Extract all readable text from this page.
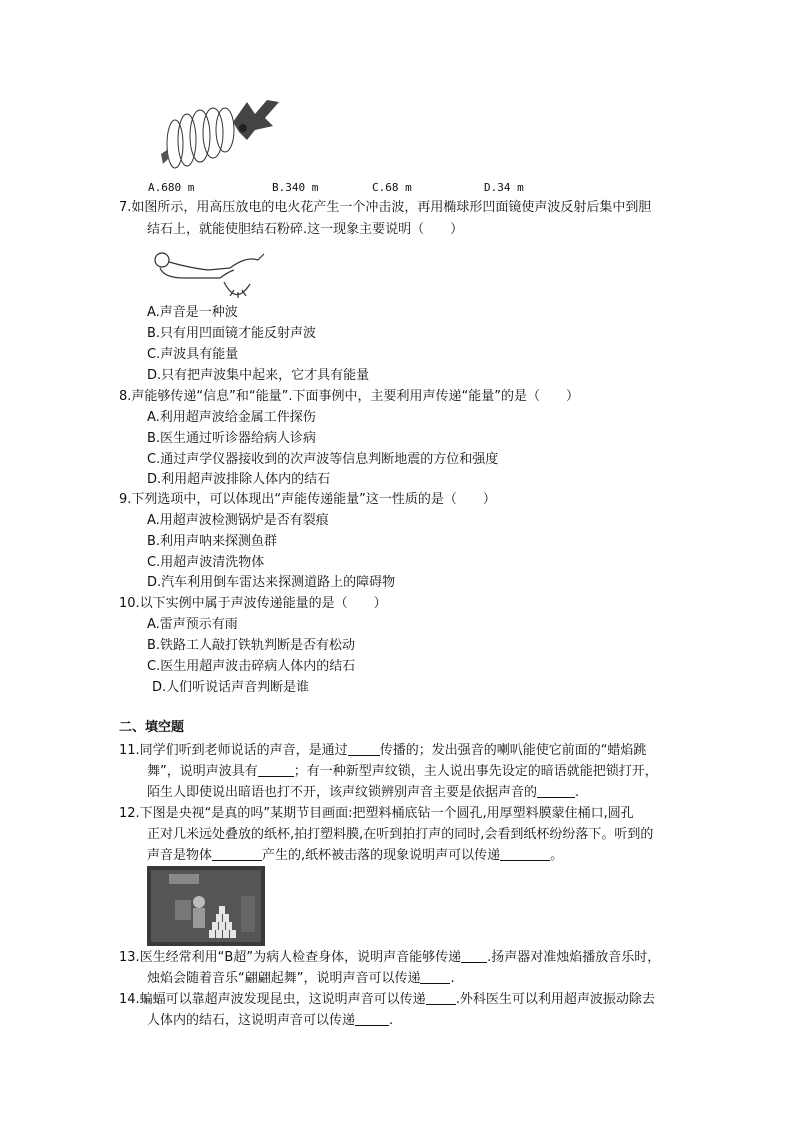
A.680 m	B.340 m	C.68 m	D.34 m
7.如图所示，用高压放电的电火花产生一个冲击波，再用椭球形凹面镜使声波反射后集中到胆
结石上，就能使胆结石粉碎.这一现象主要说明（　　）
A.声音是一种波
B.只有用凹面镜才能反射声波
C.声波具有能量
D.只有把声波集中起来，它才具有能量
8.声能够传递“信息”和“能量”.下面事例中，主要利用声传递“能量”的是（　　）
A.利用超声波给金属工件探伤
B.医生通过听诊器给病人诊病
C.通过声学仪器接收到的次声波等信息判断地震的方位和强度
D.利用超声波排除人体内的结石
9.下列选项中，可以体现出“声能传递能量”这一性质的是（　　）
A.用超声波检测锅炉是否有裂痕
B.利用声呐来探测鱼群
C.用超声波清洗物体
D.汽车利用倒车雷达来探测道路上的障碍物
10.以下实例中属于声波传递能量的是（　　）
A.雷声预示有雨
B.铁路工人敲打铁轨判断是否有松动
C.医生用超声波击碎病人体内的结石
D.人们听说话声音判断是谁
二、填空题
11.同学们听到老师说话的声音，是通过 传播的；发出强音的喇叭能使它前面的“蜡焰跳
舞”，说明声波具有	；有一种新型声纹锁，主人说出事先设定的暗语就能把锁打开，
陌生人即使说出暗语也打不开，该声纹锁辨别声音主要是依据声音的	.
12.下图是央视“是真的吗”某期节目画面:把塑料桶底钻一个圆孔,用厚塑料膜蒙住桶口,圆孔
正对几米远处叠放的纸杯,拍打塑料膜,在听到拍打声的同时,会看到纸杯纷纷落下。听到的
声音是物体	产生的,纸杯被击落的现象说明声可以传递	。
13.医生经常利用“B超”为病人检查身体，说明声音能够传递 .扬声器对准烛焰播放音乐时，
烛焰会随着音乐“翩翩起舞”，说明声音可以传递 .
14.蝙蝠可以靠超声波发现昆虫，这说明声音可以传递 .外科医生可以利用超声波振动除去
人体内的结石，这说明声音可以传递	.
